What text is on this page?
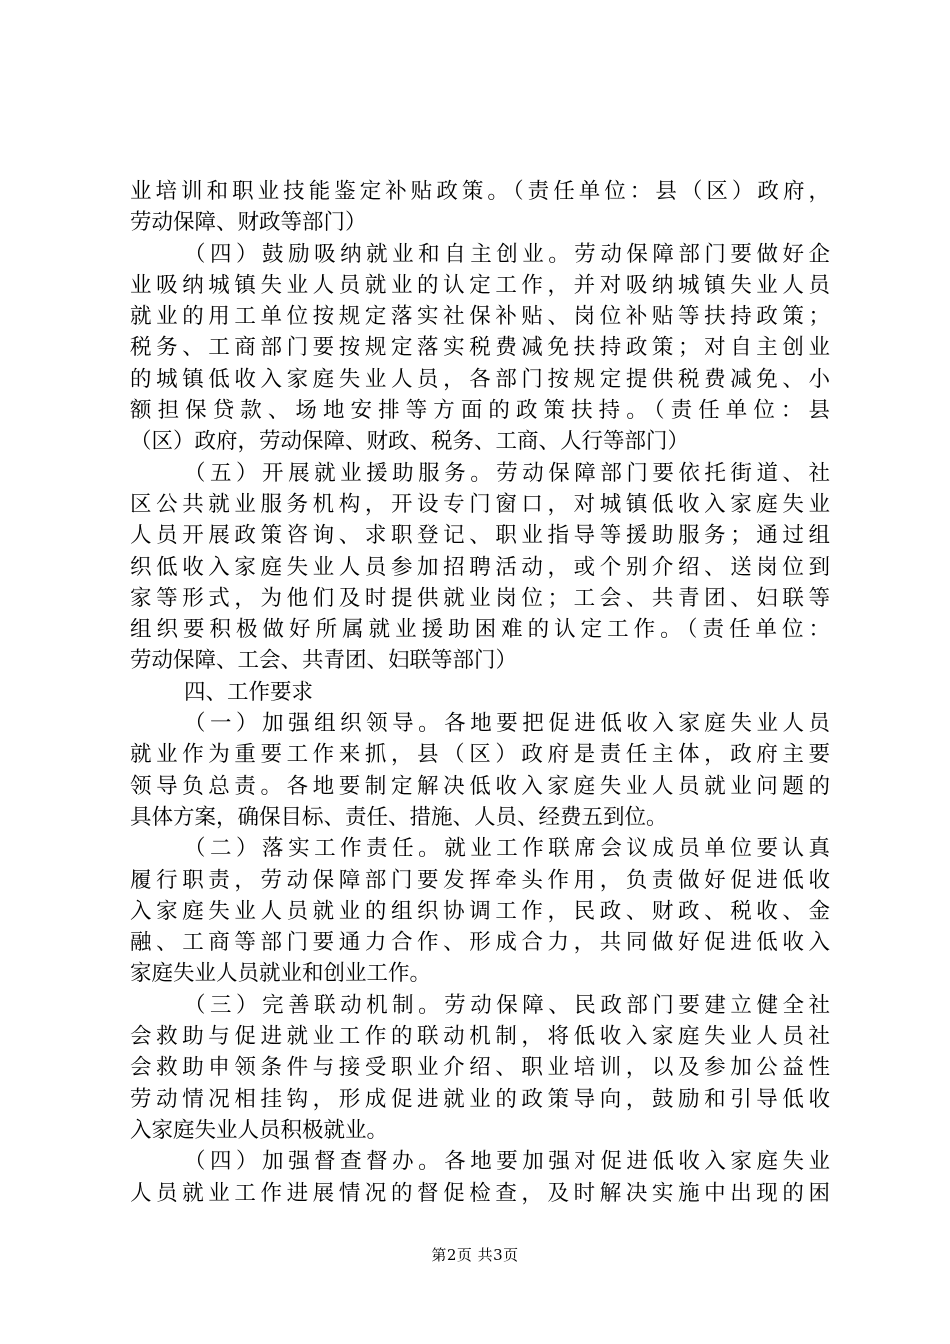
业培训和职业技能鉴定补贴政策。（责任单位：县（区）政府，
劳动保障、财政等部门）
（四）鼓励吸纳就业和自主创业。劳动保障部门要做好企
业吸纳城镇失业人员就业的认定工作，并对吸纳城镇失业人员
就业的用工单位按规定落实社保补贴、岗位补贴等扶持政策；
税务、工商部门要按规定落实税费减免扶持政策；对自主创业
的城镇低收入家庭失业人员，各部门按规定提供税费减免、小
额担保贷款、场地安排等方面的政策扶持。（责任单位：县
（区）政府，劳动保障、财政、税务、工商、人行等部门）
（五）开展就业援助服务。劳动保障部门要依托街道、社
区公共就业服务机构，开设专门窗口，对城镇低收入家庭失业
人员开展政策咨询、求职登记、职业指导等援助服务；通过组
织低收入家庭失业人员参加招聘活动，或个别介绍、送岗位到
家等形式，为他们及时提供就业岗位；工会、共青团、妇联等
组织要积极做好所属就业援助困难的认定工作。（责任单位：
劳动保障、工会、共青团、妇联等部门）
四、工作要求
（一）加强组织领导。各地要把促进低收入家庭失业人员
就业作为重要工作来抓，县（区）政府是责任主体，政府主要
领导负总责。各地要制定解决低收入家庭失业人员就业问题的
具体方案，确保目标、责任、措施、人员、经费五到位。
（二）落实工作责任。就业工作联席会议成员单位要认真
履行职责，劳动保障部门要发挥牵头作用，负责做好促进低收
入家庭失业人员就业的组织协调工作，民政、财政、税收、金
融、工商等部门要通力合作、形成合力，共同做好促进低收入
家庭失业人员就业和创业工作。
（三）完善联动机制。劳动保障、民政部门要建立健全社
会救助与促进就业工作的联动机制，将低收入家庭失业人员社
会救助申领条件与接受职业介绍、职业培训，以及参加公益性
劳动情况相挂钩，形成促进就业的政策导向，鼓励和引导低收
入家庭失业人员积极就业。
（四）加强督查督办。各地要加强对促进低收入家庭失业
人员就业工作进展情况的督促检查，及时解决实施中出现的困
第2页 共3页
